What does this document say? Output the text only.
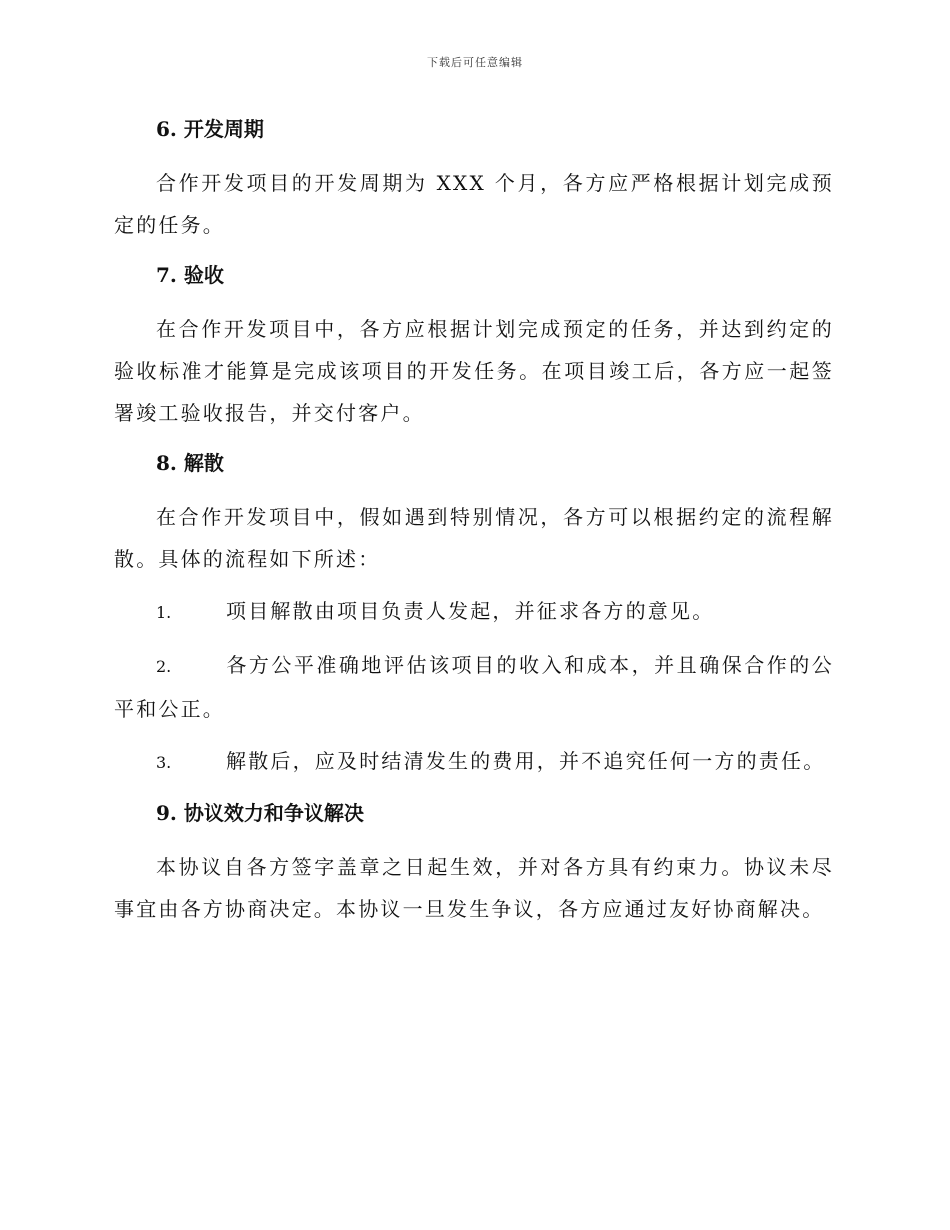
下载后可任意编辑
6. 开发周期

合作开发项目的开发周期为 XXX 个月，各方应严格根据计划完成预定的任务。

7. 验收

在合作开发项目中，各方应根据计划完成预定的任务，并达到约定的验收标准才能算是完成该项目的开发任务。在项目竣工后，各方应一起签署竣工验收报告，并交付客户。

8. 解散

在合作开发项目中，假如遇到特别情况，各方可以根据约定的流程解散。具体的流程如下所述：

1.	项目解散由项目负责人发起，并征求各方的意见。

2.	各方公平准确地评估该项目的收入和成本，并且确保合作的公平和公正。

3.	解散后，应及时结清发生的费用，并不追究任何一方的责任。

9. 协议效力和争议解决

本协议自各方签字盖章之日起生效，并对各方具有约束力。协议未尽事宜由各方协商决定。本协议一旦发生争议，各方应通过友好协商解决。
